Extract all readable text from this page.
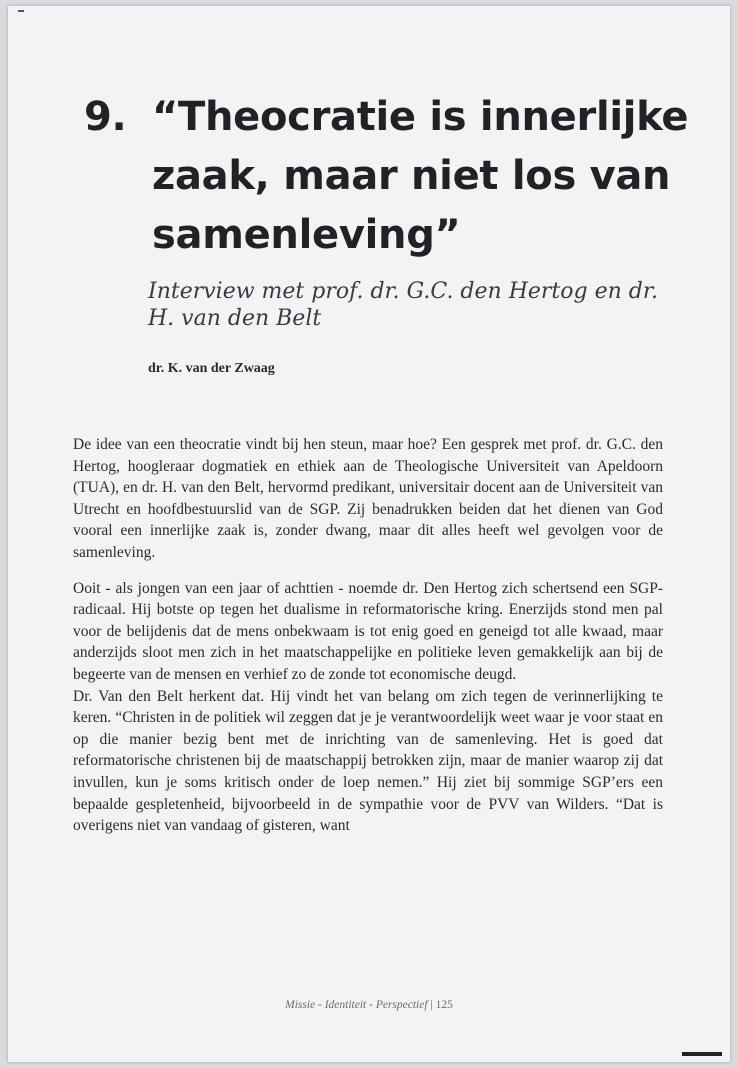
9. “Theocratie is innerlijke zaak, maar niet los van samenleving”

Interview met prof. dr. G.C. den Hertog en dr. H. van den Belt

dr. K. van der Zwaag

De idee van een theocratie vindt bij hen steun, maar hoe? Een gesprek met prof. dr. G.C. den Hertog, hoogleraar dogmatiek en ethiek aan de Theologische Universiteit van Apeldoorn (TUA), en dr. H. van den Belt, hervormd predikant, universitair docent aan de Universiteit van Utrecht en hoofdbestuurslid van de SGP. Zij benadrukken beiden dat het dienen van God vooral een innerlijke zaak is, zonder dwang, maar dit alles heeft wel gevolgen voor de samenleving.

Ooit - als jongen van een jaar of achttien - noemde dr. Den Hertog zich schertsend een SGP-radicaal. Hij botste op tegen het dualisme in reformatorische kring. Enerzijds stond men pal voor de belijdenis dat de mens onbekwaam is tot enig goed en geneigd tot alle kwaad, maar anderzijds sloot men zich in het maatschappelijke en politieke leven gemakkelijk aan bij de begeerte van de mensen en verhief zo de zonde tot economische deugd.

Dr. Van den Belt herkent dat. Hij vindt het van belang om zich tegen de verinnerlijking te keren. “Christen in de politiek wil zeggen dat je je verantwoordelijk weet waar je voor staat en op die manier bezig bent met de inrichting van de samenleving. Het is goed dat reformatorische christenen bij de maatschappij betrokken zijn, maar de manier waarop zij dat invullen, kun je soms kritisch onder de loep nemen.” Hij ziet bij sommige SGP’ers een bepaalde gespletenheid, bijvoorbeeld in de sympathie voor de PVV van Wilders. “Dat is overigens niet van vandaag of gisteren, want

Missie - Identiteit - Perspectief | 125
